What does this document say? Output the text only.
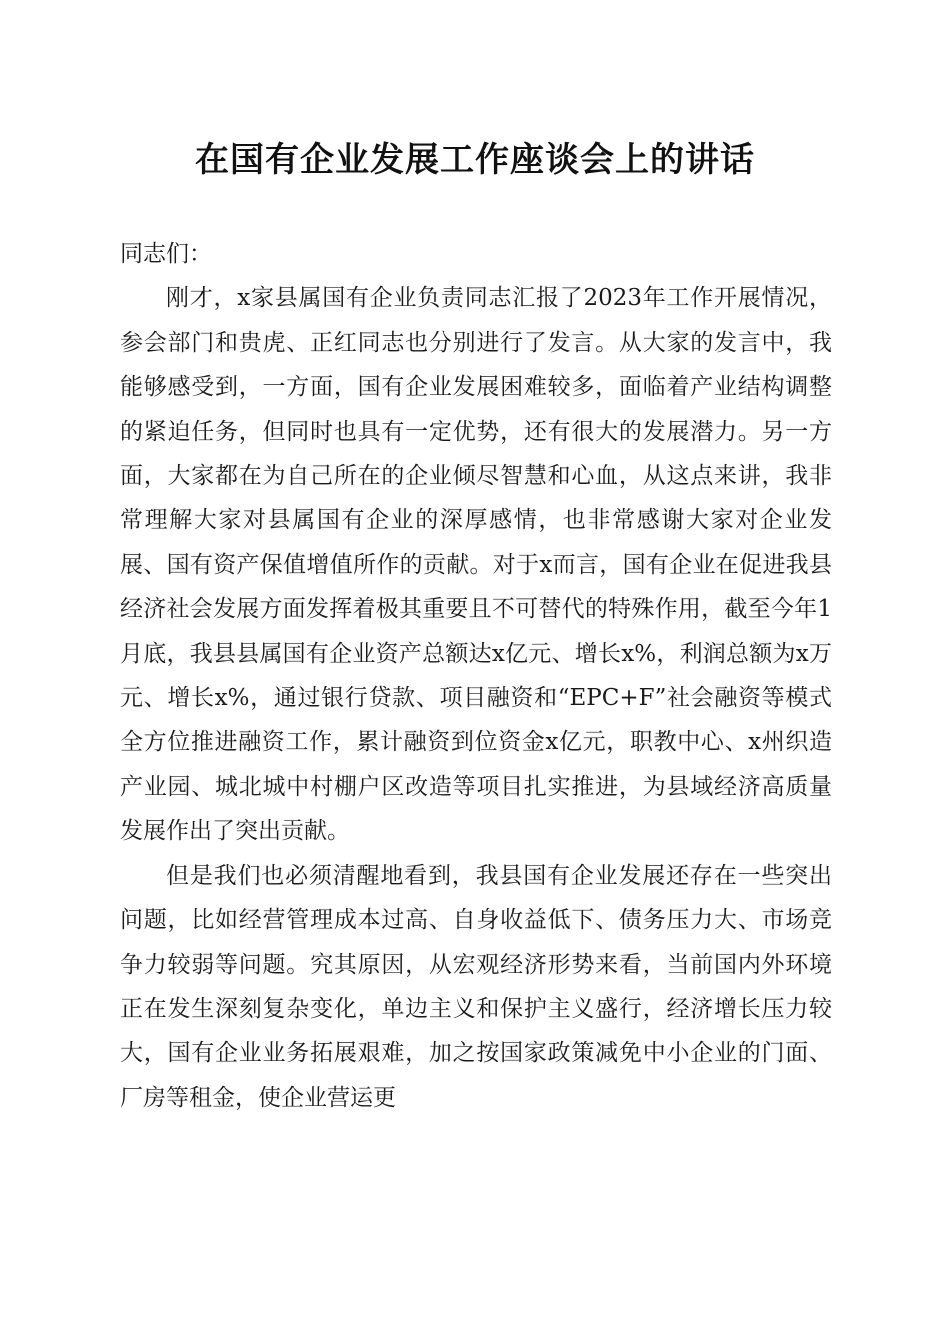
在国有企业发展工作座谈会上的讲话

同志们：

刚才，x家县属国有企业负责同志汇报了2023年工作开展情况，参会部门和贵虎、正红同志也分别进行了发言。从大家的发言中，我能够感受到，一方面，国有企业发展困难较多，面临着产业结构调整的紧迫任务，但同时也具有一定优势，还有很大的发展潜力。另一方面，大家都在为自己所在的企业倾尽智慧和心血，从这点来讲，我非常理解大家对县属国有企业的深厚感情，也非常感谢大家对企业发展、国有资产保值增值所作的贡献。对于x而言，国有企业在促进我县经济社会发展方面发挥着极其重要且不可替代的特殊作用，截至今年1月底，我县县属国有企业资产总额达x亿元、增长x%，利润总额为x万元、增长x%，通过银行贷款、项目融资和“EPC+F”社会融资等模式全方位推进融资工作，累计融资到位资金x亿元，职教中心、x州织造产业园、城北城中村棚户区改造等项目扎实推进，为县域经济高质量发展作出了突出贡献。

但是我们也必须清醒地看到，我县国有企业发展还存在一些突出问题，比如经营管理成本过高、自身收益低下、债务压力大、市场竞争力较弱等问题。究其原因，从宏观经济形势来看，当前国内外环境正在发生深刻复杂变化，单边主义和保护主义盛行，经济增长压力较大，国有企业业务拓展艰难，加之按国家政策减免中小企业的门面、厂房等租金，使企业营运更
